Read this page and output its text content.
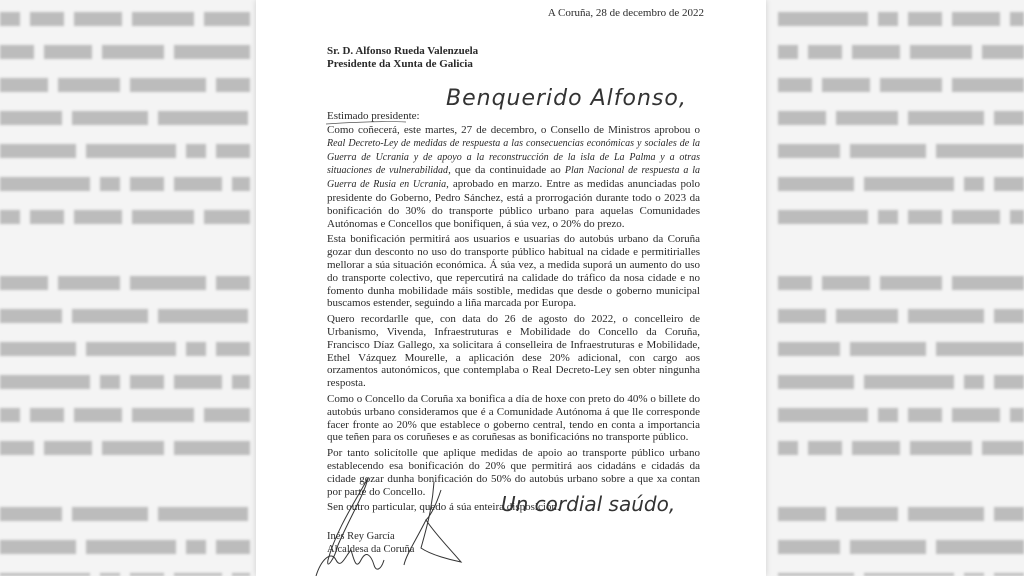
A Coruña, 28 de decembro de 2022
Sr. D. Alfonso Rueda Valenzuela
Presidente da Xunta de Galicia
Benquerido Alfonso,
Estimado presidente:

Como coñecerá, este martes, 27 de decembro, o Consello de Ministros aprobou o Real Decreto-Ley de medidas de respuesta a las consecuencias económicas y sociales de la Guerra de Ucrania y de apoyo a la reconstrucción de la isla de La Palma y a otras situaciones de vulnerabilidad, que da continuidade ao Plan Nacional de respuesta a la Guerra de Rusia en Ucrania, aprobado en marzo. Entre as medidas anunciadas polo presidente do Goberno, Pedro Sánchez, está a prorrogación durante todo o 2023 da bonificación do 30% do transporte público urbano para aquelas Comunidades Autónomas e Concellos que bonifiquen, á súa vez, o 20% do prezo.

Esta bonificación permitirá aos usuarios e usuarias do autobús urbano da Coruña gozar dun desconto no uso do transporte público habitual na cidade e permitirialles mellorar a súa situación económica. Á súa vez, a medida suporá un aumento do uso do transporte colectivo, que repercutirá na calidade do tráfico da nosa cidade e no fomento dunha mobilidade máis sostible, medidas que desde o goberno municipal buscamos estender, seguindo a liña marcada por Europa.

Quero recordarlle que, con data do 26 de agosto do 2022, o concelleiro de Urbanismo, Vivenda, Infraestruturas e Mobilidade do Concello da Coruña, Francisco Díaz Gallego, xa solicitara á conselleira de Infraestruturas e Mobilidade, Ethel Vázquez Mourelle, a aplicación dese 20% adicional, con cargo aos orzamentos autonómicos, que contemplaba o Real Decreto-Ley sen obter ningunha resposta.

Como o Concello da Coruña xa bonifica a día de hoxe con preto do 40% o billete do autobús urbano consideramos que é a Comunidade Autónoma á que lle corresponde facer fronte ao 20% que establece o goberno central, tendo en conta a importancia que teñen para os coruñeses e as coruñesas as bonificacións no transporte público.

Por tanto solicítolle que aplique medidas de apoio ao transporte público urbano establecendo esa bonificación do 20% que permitirá aos cidadáns e cidadás da cidade gozar dunha bonificación do 50% do autobús urbano sobre a que xa contan por parte do Concello.

Sen outro particular, quedo á súa enteira disposición.

Un cordial saúdo,
Inés Rey García
Alcaldesa da Coruña
